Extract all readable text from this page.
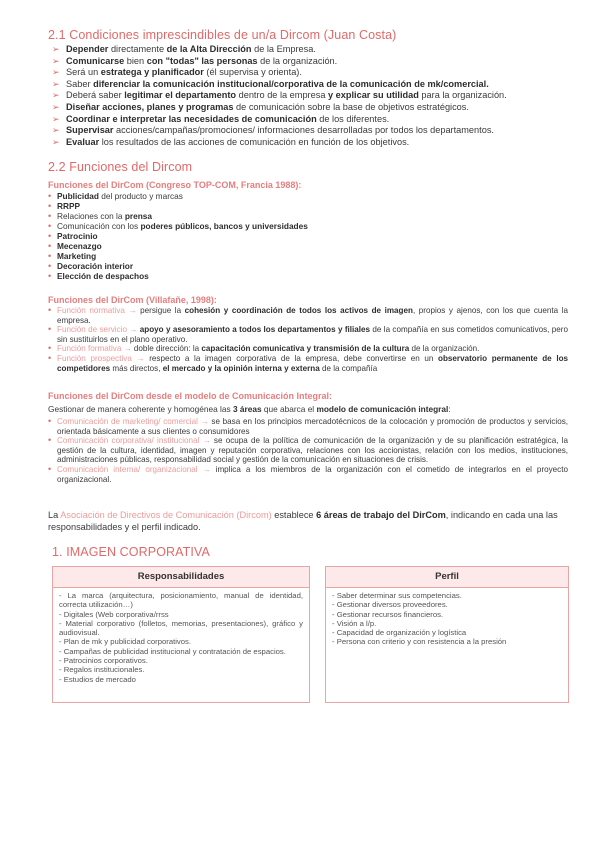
2.1 Condiciones imprescindibles de un/a Dircom (Juan Costa)
➢ Depender directamente de la Alta Dirección de la Empresa.
➢ Comunicarse bien con "todas" las personas de la organización.
➢ Será un estratega y planificador (él supervisa y orienta).
➢ Saber diferenciar la comunicación institucional/corporativa de la comunicación de mk/comercial.
➢ Deberá saber legitimar el departamento dentro de la empresa y explicar su utilidad para la organización.
➢ Diseñar acciones, planes y programas de comunicación sobre la base de objetivos estratégicos.
➢ Coordinar e interpretar las necesidades de comunicación de los diferentes.
➢ Supervisar acciones/campañas/promociones/ informaciones desarrolladas por todos los departamentos.
➢ Evaluar los resultados de las acciones de comunicación en función de los objetivos.
2.2 Funciones del Dircom

Funciones del DirCom (Congreso TOP-COM, Francia 1988):

• Publicidad del producto y marcas
• RRPP
• Relaciones con la prensa
• Comunicación con los poderes públicos, bancos y universidades
• Patrocinio
• Mecenazgo
• Marketing
• Decoración interior
• Elección de despachos

Funciones del DirCom (Villafañe, 1998):

• Función normativa → persigue la cohesión y coordinación de todos los activos de imagen, propios y ajenos, con los que cuenta la empresa.
• Función de servicio → apoyo y asesoramiento a todos los departamentos y filiales de la compañía en sus cometidos comunicativos, pero sin sustituirlos en el plano operativo.
• Función formativa → doble dirección: la capacitación comunicativa y transmisión de la cultura de la organización.
• Función prospectiva → respecto a la imagen corporativa de la empresa, debe convertirse en un observatorio permanente de los competidores más directos, el mercado y la opinión interna y externa de la compañía

Funciones del DirCom desde el modelo de Comunicación Integral:

Gestionar de manera coherente y homogénea las 3 áreas que abarca el modelo de comunicación integral:

• Comunicación de marketing/ comercial → se basa en los principios mercadotécnicos de la colocación y promoción de productos y servicios, orientada básicamente a sus clientes o consumidores
• Comunicación corporativa/ institucional → se ocupa de la política de comunicación de la organización y de su planificación estratégica, la gestión de la cultura, identidad, imagen y reputación corporativa, relaciones con los accionistas, relación con los medios, instituciones, administraciones públicas, responsabilidad social y gestión de la comunicación en situaciones de crisis.
• Comunicación interna/ organizacional → implica a los miembros de la organización con el cometido de integrarlos en el proyecto organizacional.

La Asociación de Directivos de Comunicación (Dircom) establece 6 áreas de trabajo del DirCom, indicando en cada una las responsabilidades y el perfil indicado.

1. IMAGEN CORPORATIVA
Responsabilidades
- La marca (arquitectura, posicionamiento, manual de identidad, correcta utilización…)
- Digitales (Web corporativa/rrss
- Material corporativo (folletos, memorias, presentaciones), gráfico y audiovisual.
- Plan de mk y publicidad corporativos.
- Campañas de publicidad institucional y contratación de espacios.
- Patrocinios corporativos.
- Regalos institucionales.
- Estudios de mercado
Perfil
- Saber determinar sus competencias.
- Gestionar diversos proveedores.
- Gestionar recursos financieros.
- Visión a l/p.
- Capacidad de organización y logística
- Persona con criterio y con resistencia a la presión
